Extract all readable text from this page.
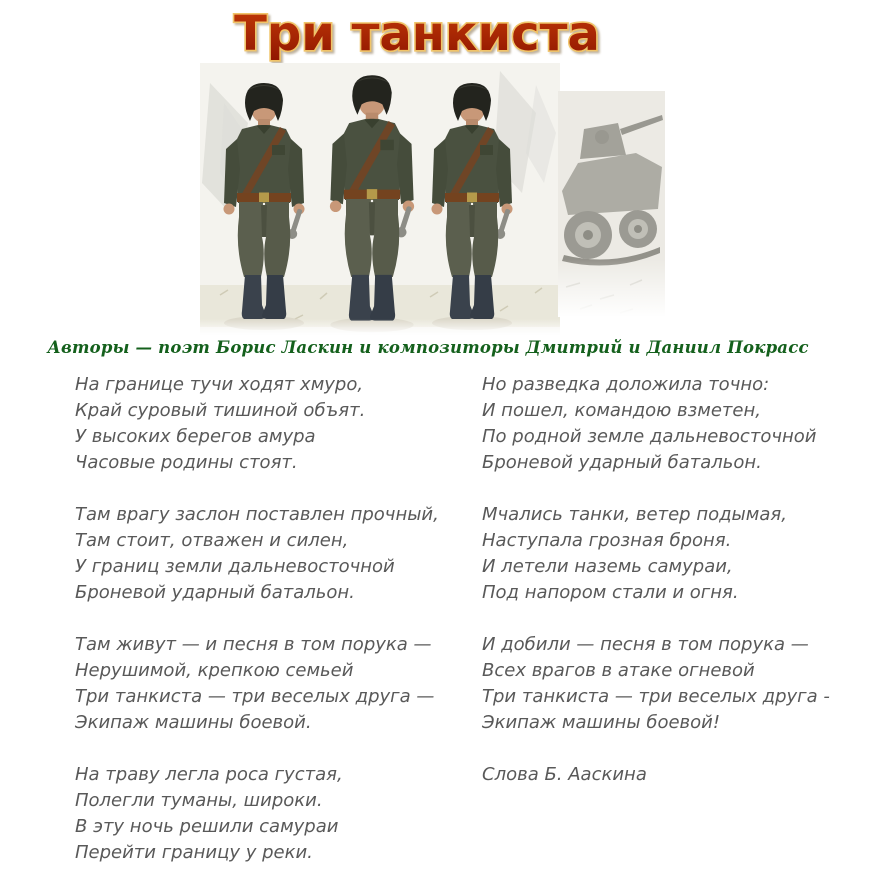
Три танкиста
Авторы — поэт Борис Ласкин и композиторы Дмитрий и Даниил Покрасс
На границе тучи ходят хмуро,
Край суровый тишиной объят.
У высоких берегов амура
Часовые родины стоят.
Там врагу заслон поставлен прочный,
Там стоит, отважен и силен,
У границ земли дальневосточной
Броневой ударный батальон.
Там живут — и песня в том порука —
Нерушимой, крепкою семьей
Три танкиста — три веселых друга —
Экипаж машины боевой.
На траву легла роса густая,
Полегли туманы, широки.
В эту ночь решили самураи
Перейти границу у реки.
Но разведка доложила точно:
И пошел, командою взметен,
По родной земле дальневосточной
Броневой ударный батальон.
Мчались танки, ветер подымая,
Наступала грозная броня.
И летели наземь самураи,
Под напором стали и огня.
И добили — песня в том порука —
Всех врагов в атаке огневой
Три танкиста — три веселых друга -
Экипаж машины боевой!
Слова Б. Ааскина
